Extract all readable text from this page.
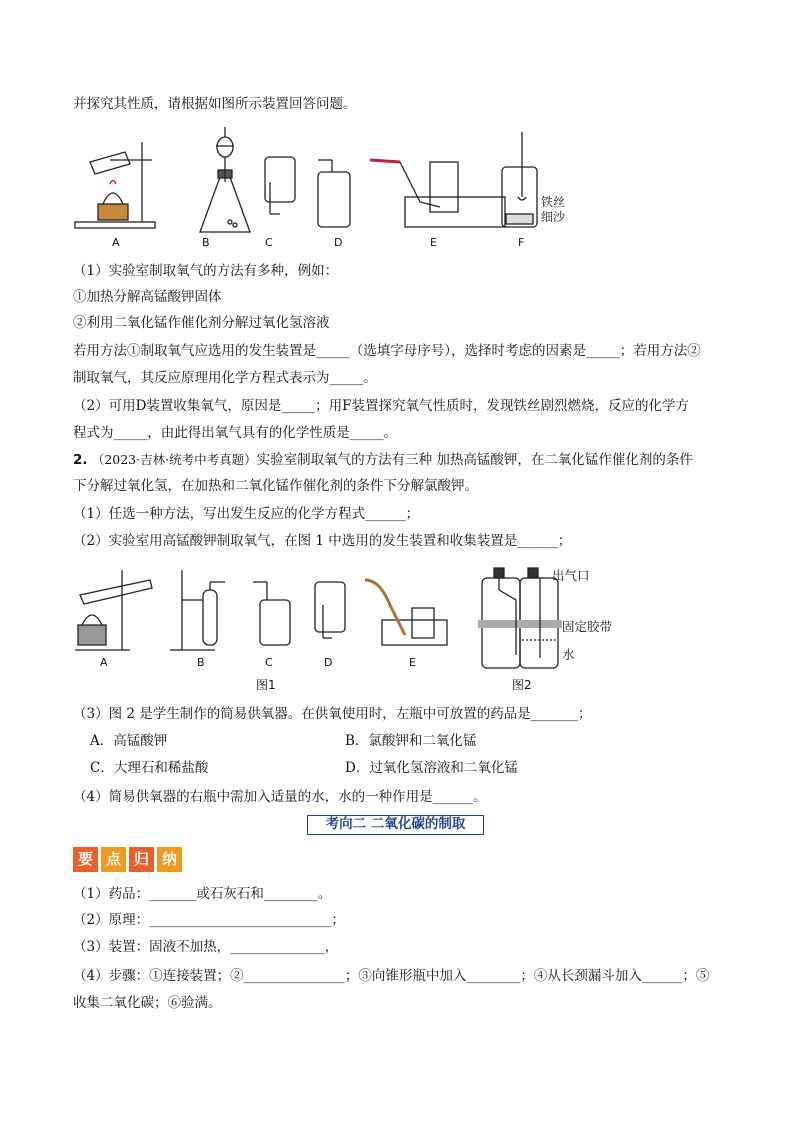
并探究其性质，请根据如图所示装置回答问题。
A	B	C	D	E	F
铁丝
细沙
（1）实验室制取氧气的方法有多种，例如：
①加热分解高锰酸钾固体
②利用二氧化锰作催化剂分解过氧化氢溶液
若用方法①制取氧气应选用的发生装置是_____（选填字母序号），选择时考虑的因素是_____；若用方法②
制取氧气，其反应原理用化学方程式表示为_____。
（2）可用D装置收集氧气，原因是_____；用F装置探究氧气性质时，发现铁丝剧烈燃烧，反应的化学方
程式为_____，由此得出氧气具有的化学性质是_____。
2. （2023·吉林·统考中考真题）实验室制取氧气的方法有三种 加热高锰酸钾，在二氧化锰作催化剂的条件
下分解过氧化氢，在加热和二氧化锰作催化剂的条件下分解氯酸钾。
（1）任选一种方法，写出发生反应的化学方程式______；
（2）实验室用高锰酸钾制取氧气，在图 1 中选用的发生装置和收集装置是______；
A	B	C	D	E
图1	图2
出气口
固定胶带
水
（3）图 2 是学生制作的简易供氧器。在供氧使用时，左瓶中可放置的药品是_______；
A．高锰酸钾	B．氯酸钾和二氧化锰
C．大理石和稀盐酸	D．过氧化氢溶液和二氧化锰
（4）简易供氧器的右瓶中需加入适量的水，水的一种作用是______。
考向二 二氧化碳的制取
要 点 归 纳
（1）药品：_______或石灰石和________。
（2）原理：___________________________；
（3）装置：固液不加热，______________，
（4）步骤：①连接装置；②_______________；③向锥形瓶中加入________；④从长颈漏斗加入______；⑤
收集二氧化碳；⑥验满。
